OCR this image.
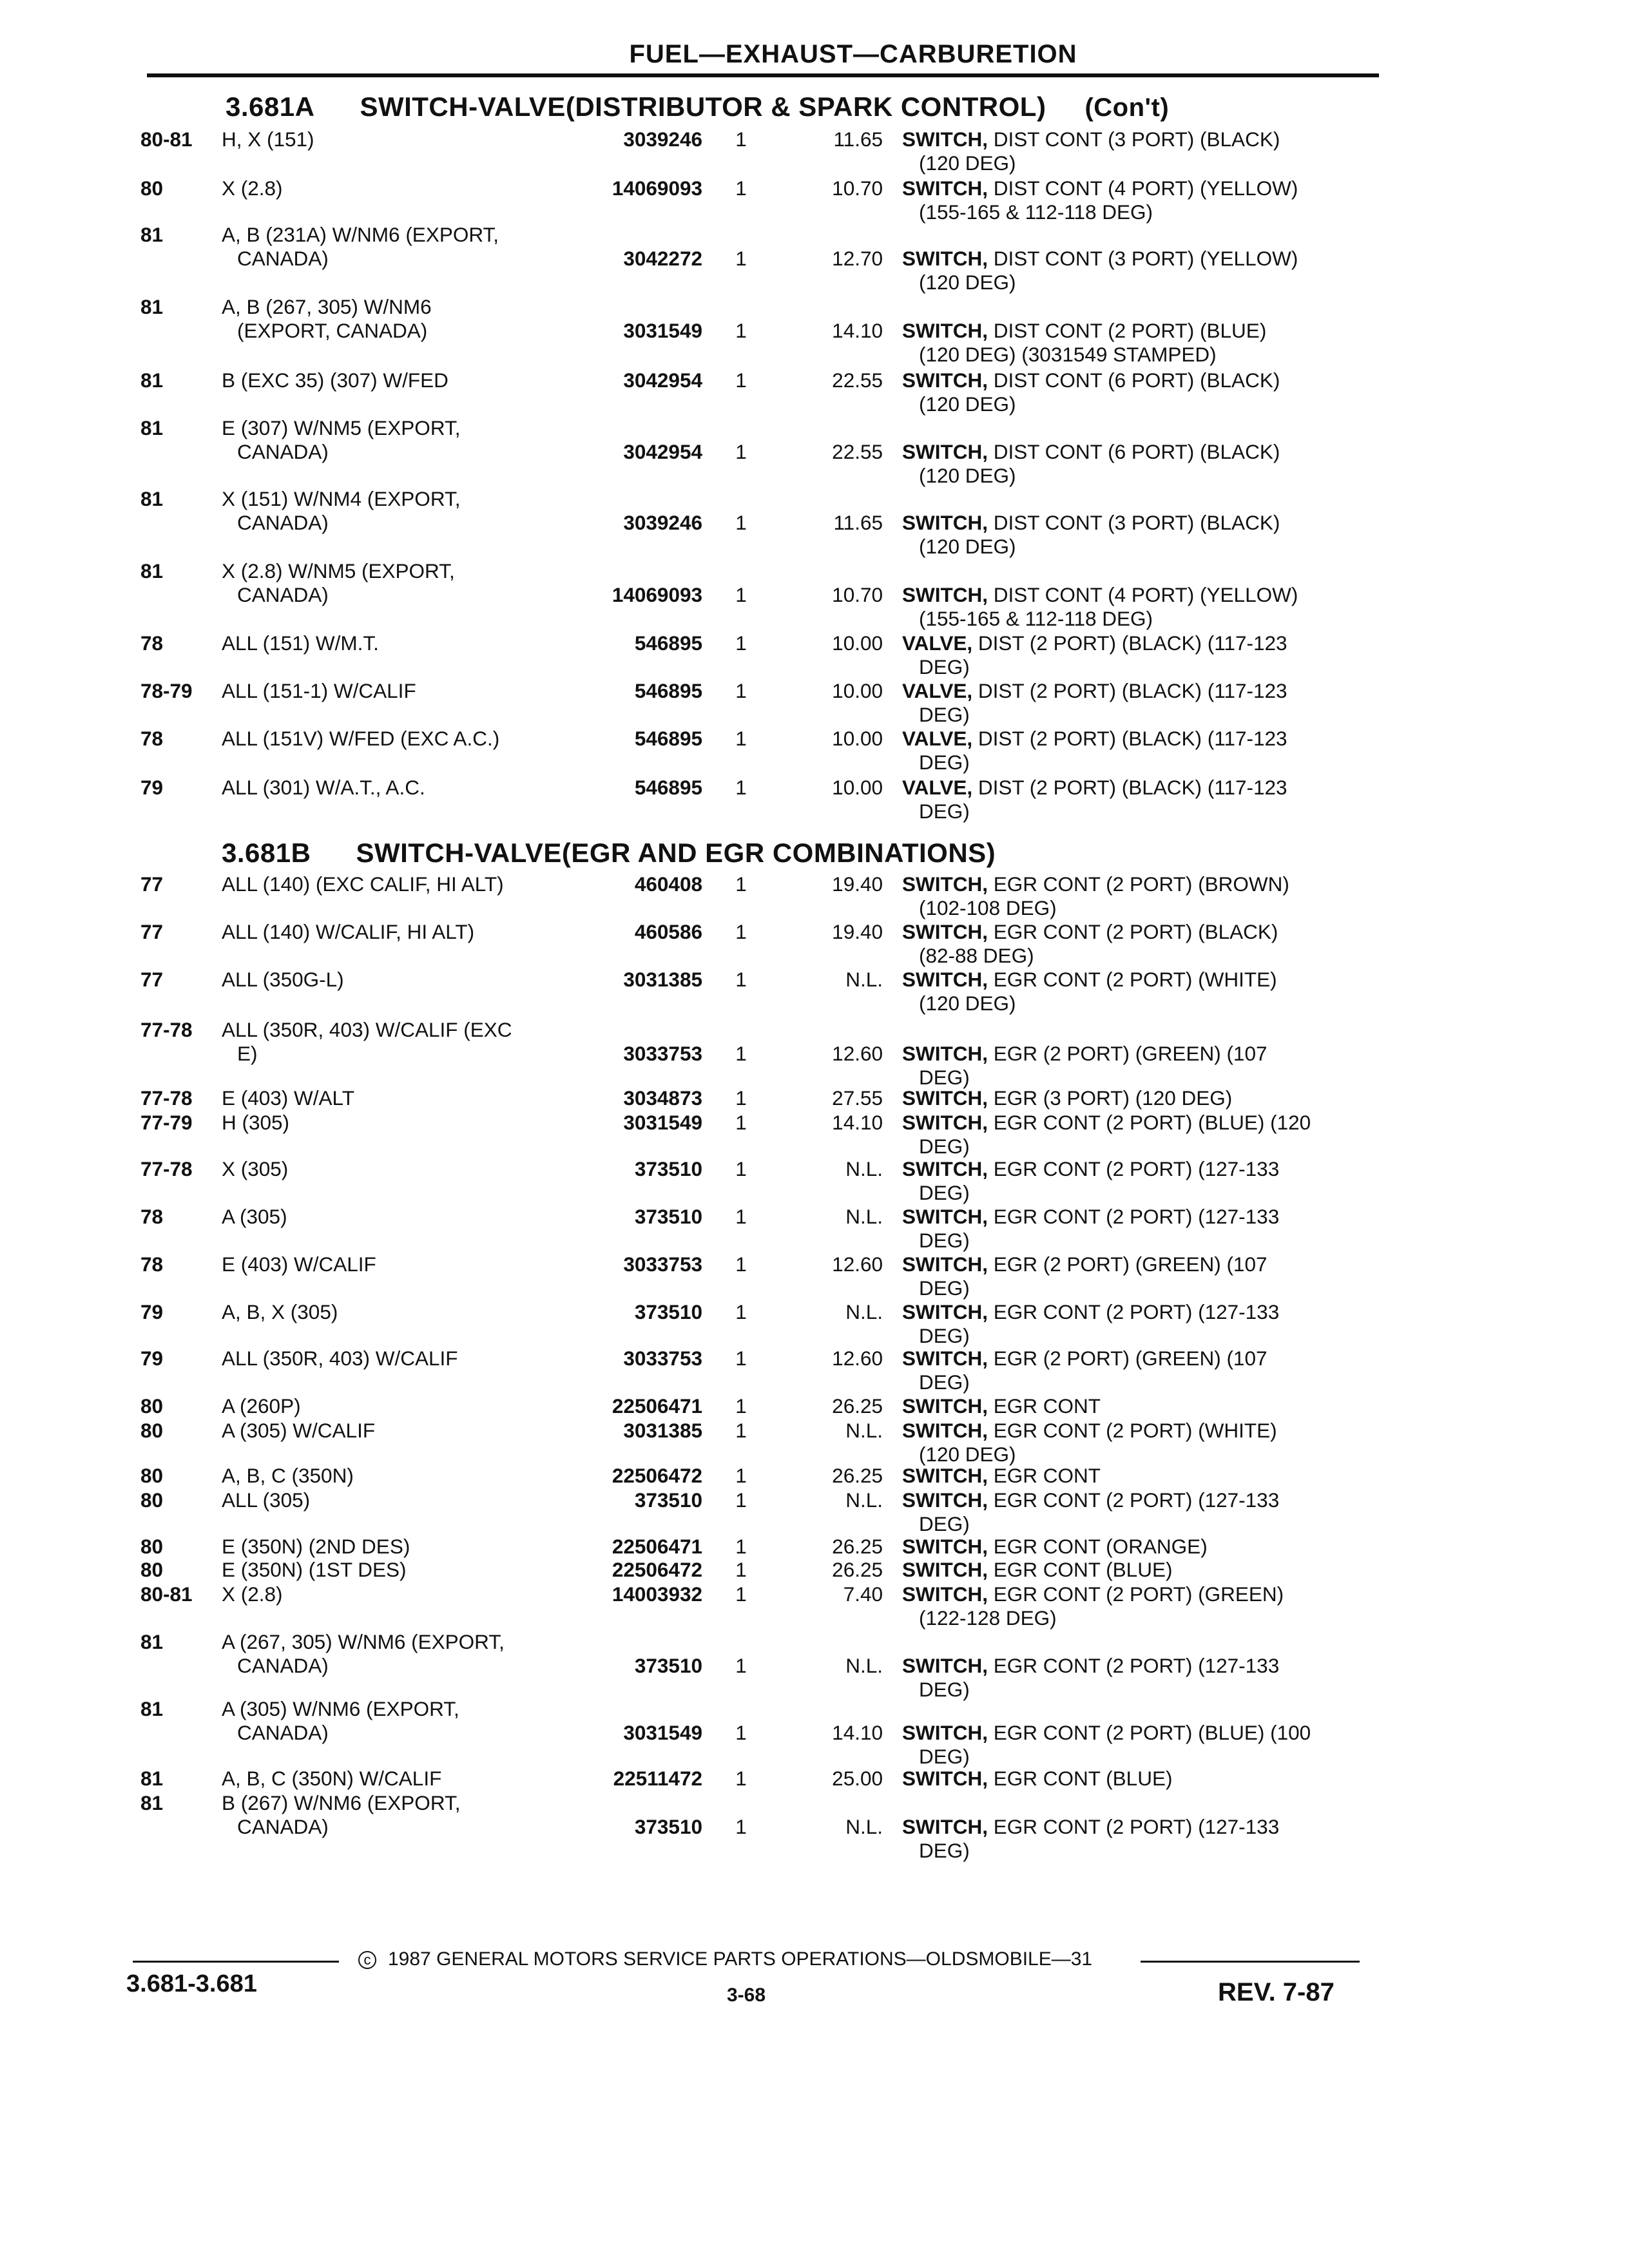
FUEL—EXHAUST—CARBURETION
3.681A SWITCH-VALVE(DISTRIBUTOR & SPARK CONTROL) (Con't)
3.681B SWITCH-VALVE(EGR AND EGR COMBINATIONS)
80-81	H, X (151)	3039246	1	11.65 SWITCH, DIST CONT (3 PORT) (BLACK)
(120 DEG)
80	X (2.8)	14069093	1	10.70 SWITCH, DIST CONT (4 PORT) (YELLOW)
(155-165 & 112-118 DEG)
81	A, B (231A) W/NM6 (EXPORT,
CANADA)	3042272	1	12.70 SWITCH, DIST CONT (3 PORT) (YELLOW)
(120 DEG)
81	A, B (267, 305) W/NM6
(EXPORT, CANADA)	3031549	1	14.10 SWITCH, DIST CONT (2 PORT) (BLUE)
(120 DEG) (3031549 STAMPED)
81	B (EXC 35) (307) W/FED	3042954	1	22.55 SWITCH, DIST CONT (6 PORT) (BLACK)
(120 DEG)
81	E (307) W/NM5 (EXPORT,
CANADA)	3042954	1	22.55 SWITCH, DIST CONT (6 PORT) (BLACK)
(120 DEG)
81	X (151) W/NM4 (EXPORT,
CANADA)	3039246	1	11.65 SWITCH, DIST CONT (3 PORT) (BLACK)
(120 DEG)
81	X (2.8) W/NM5 (EXPORT,
CANADA)	14069093	1	10.70 SWITCH, DIST CONT (4 PORT) (YELLOW)
(155-165 & 112-118 DEG)
78	ALL (151) W/M.T.	546895	1	10.00 VALVE, DIST (2 PORT) (BLACK) (117-123
DEG)
78-79	ALL (151-1) W/CALIF	546895	1	10.00 VALVE, DIST (2 PORT) (BLACK) (117-123
DEG)
78	ALL (151V) W/FED (EXC A.C.)	546895	1	10.00 VALVE, DIST (2 PORT) (BLACK) (117-123
DEG)
79	ALL (301) W/A.T., A.C.	546895	1	10.00 VALVE, DIST (2 PORT) (BLACK) (117-123
DEG)
77	ALL (140) (EXC CALIF, HI ALT)	460408	1	19.40 SWITCH, EGR CONT (2 PORT) (BROWN)
(102-108 DEG)
77	ALL (140) W/CALIF, HI ALT)	460586	1	19.40 SWITCH, EGR CONT (2 PORT) (BLACK)
(82-88 DEG)
77	ALL (350G-L)	3031385	1	N.L. SWITCH, EGR CONT (2 PORT) (WHITE)
(120 DEG)
77-78	ALL (350R, 403) W/CALIF (EXC
E)	3033753	1	12.60 SWITCH, EGR (2 PORT) (GREEN) (107
DEG)
77-78	E (403) W/ALT	3034873	1	27.55 SWITCH, EGR (3 PORT) (120 DEG)
77-79	H (305)	3031549	1	14.10 SWITCH, EGR CONT (2 PORT) (BLUE) (120
DEG)
77-78	X (305)	373510	1	N.L. SWITCH, EGR CONT (2 PORT) (127-133
DEG)
78	A (305)	373510	1	N.L. SWITCH, EGR CONT (2 PORT) (127-133
DEG)
78	E (403) W/CALIF	3033753	1	12.60 SWITCH, EGR (2 PORT) (GREEN) (107
DEG)
79	A, B, X (305)	373510	1	N.L. SWITCH, EGR CONT (2 PORT) (127-133
DEG)
79	ALL (350R, 403) W/CALIF	3033753	1	12.60 SWITCH, EGR (2 PORT) (GREEN) (107
DEG)
80	A (260P)	22506471	1	26.25 SWITCH, EGR CONT
80	A (305) W/CALIF	3031385	1	N.L. SWITCH, EGR CONT (2 PORT) (WHITE)
(120 DEG)
80	A, B, C (350N)	22506472	1	26.25 SWITCH, EGR CONT
80	ALL (305)	373510	1	N.L. SWITCH, EGR CONT (2 PORT) (127-133
DEG)
80	E (350N) (2ND DES)	22506471	1	26.25 SWITCH, EGR CONT (ORANGE)
80	E (350N) (1ST DES)	22506472	1	26.25 SWITCH, EGR CONT (BLUE)
80-81	X (2.8)	14003932	1	7.40 SWITCH, EGR CONT (2 PORT) (GREEN)
(122-128 DEG)
81	A (267, 305) W/NM6 (EXPORT,
CANADA)	373510	1	N.L. SWITCH, EGR CONT (2 PORT) (127-133
DEG)
81	A (305) W/NM6 (EXPORT,
CANADA)	3031549	1	14.10 SWITCH, EGR CONT (2 PORT) (BLUE) (100
DEG)
81	A, B, C (350N) W/CALIF	22511472	1	25.00 SWITCH, EGR CONT (BLUE)
81	B (267) W/NM6 (EXPORT,
CANADA)	373510	1	N.L. SWITCH, EGR CONT (2 PORT) (127-133
DEG)
c 1987 GENERAL MOTORS SERVICE PARTS OPERATIONS—OLDSMOBILE—31
3.681-3.681	3-68	REV. 7-87
